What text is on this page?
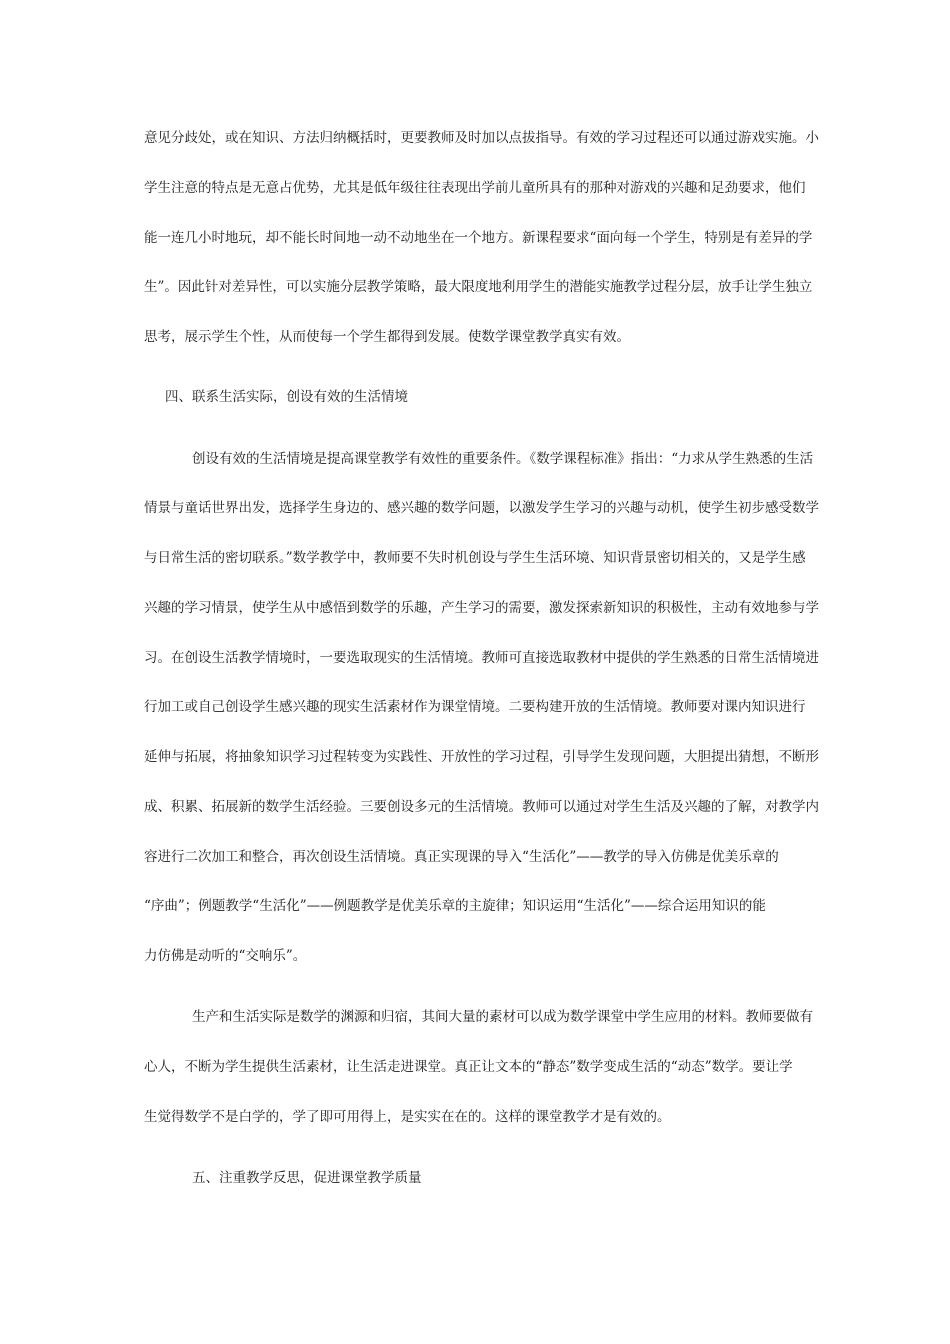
意见分歧处，或在知识、方法归纳概括时，更要教师及时加以点拔指导。有效的学习过程还可以通过游戏实施。小
学生注意的特点是无意占优势，尤其是低年级往往表现出学前儿童所具有的那种对游戏的兴趣和足劲要求，他们
能一连几小时地玩，却不能长时间地一动不动地坐在一个地方。新课程要求“面向每一个学生，特别是有差异的学
生”。因此针对差异性，可以实施分层教学策略，最大限度地利用学生的潜能实施教学过程分层，放手让学生独立
思考，展示学生个性，从而使每一个学生都得到发展。使数学课堂教学真实有效。
四、联系生活实际，创设有效的生活情境
创设有效的生活情境是提高课堂教学有效性的重要条件。《数学课程标准》指出：“力求从学生熟悉的生活
情景与童话世界出发，选择学生身边的、感兴趣的数学问题，以激发学生学习的兴趣与动机，使学生初步感受数学
与日常生活的密切联系。”数学教学中，教师要不失时机创设与学生生活环境、知识背景密切相关的，又是学生感
兴趣的学习情景，使学生从中感悟到数学的乐趣，产生学习的需要，激发探索新知识的积极性，主动有效地参与学
习。在创设生活教学情境时，一要选取现实的生活情境。教师可直接选取教材中提供的学生熟悉的日常生活情境进
行加工或自己创设学生感兴趣的现实生活素材作为课堂情境。二要构建开放的生活情境。教师要对课内知识进行
延伸与拓展，将抽象知识学习过程转变为实践性、开放性的学习过程，引导学生发现问题，大胆提出猜想，不断形
成、积累、拓展新的数学生活经验。三要创设多元的生活情境。教师可以通过对学生生活及兴趣的了解，对教学内
容进行二次加工和整合，再次创设生活情境。真正实现课的导入“生活化”——教学的导入仿佛是优美乐章的
“序曲”；例题教学“生活化”——例题教学是优美乐章的主旋律；知识运用“生活化”——综合运用知识的能
力仿佛是动听的“交响乐”。
生产和生活实际是数学的渊源和归宿，其间大量的素材可以成为数学课堂中学生应用的材料。教师要做有
心人，不断为学生提供生活素材，让生活走进课堂。真正让文本的“静态”数学变成生活的“动态”数学。要让学
生觉得数学不是白学的，学了即可用得上，是实实在在的。这样的课堂教学才是有效的。
五、注重教学反思，促进课堂教学质量
